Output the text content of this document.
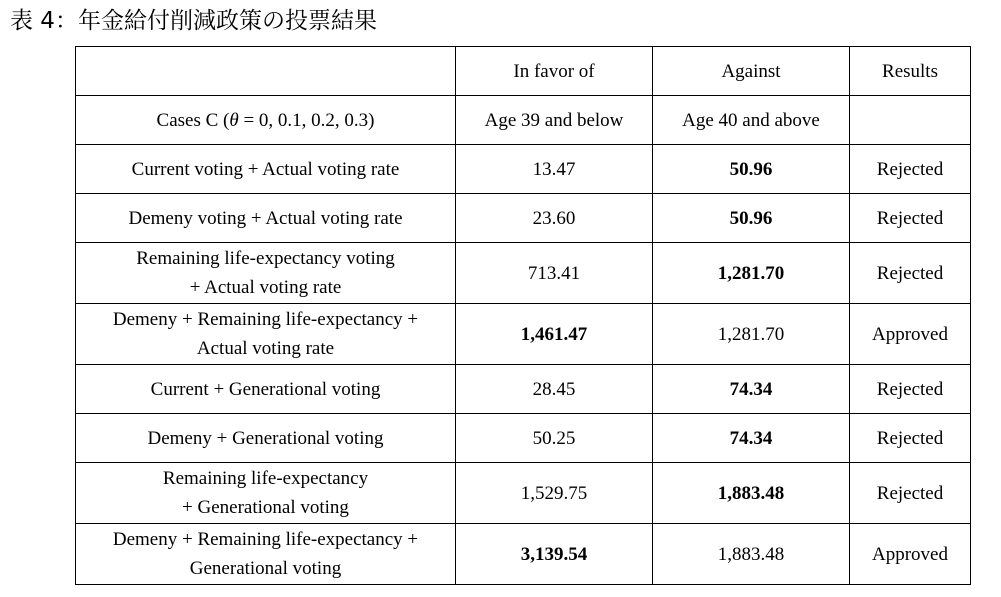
表 4：年金給付削減政策の投票結果
	In favor of	Against	Results
Cases C (θ = 0, 0.1, 0.2, 0.3)	Age 39 and below	Age 40 and above	
Current voting + Actual voting rate	13.47	50.96	Rejected
Demeny voting + Actual voting rate	23.60	50.96	Rejected
Remaining life-expectancy voting
+ Actual voting rate	713.41	1,281.70	Rejected
Demeny + Remaining life-expectancy +
Actual voting rate	1,461.47	1,281.70	Approved
Current + Generational voting	28.45	74.34	Rejected
Demeny + Generational voting	50.25	74.34	Rejected
Remaining life-expectancy
+ Generational voting	1,529.75	1,883.48	Rejected
Demeny + Remaining life-expectancy +
Generational voting	3,139.54	1,883.48	Approved
